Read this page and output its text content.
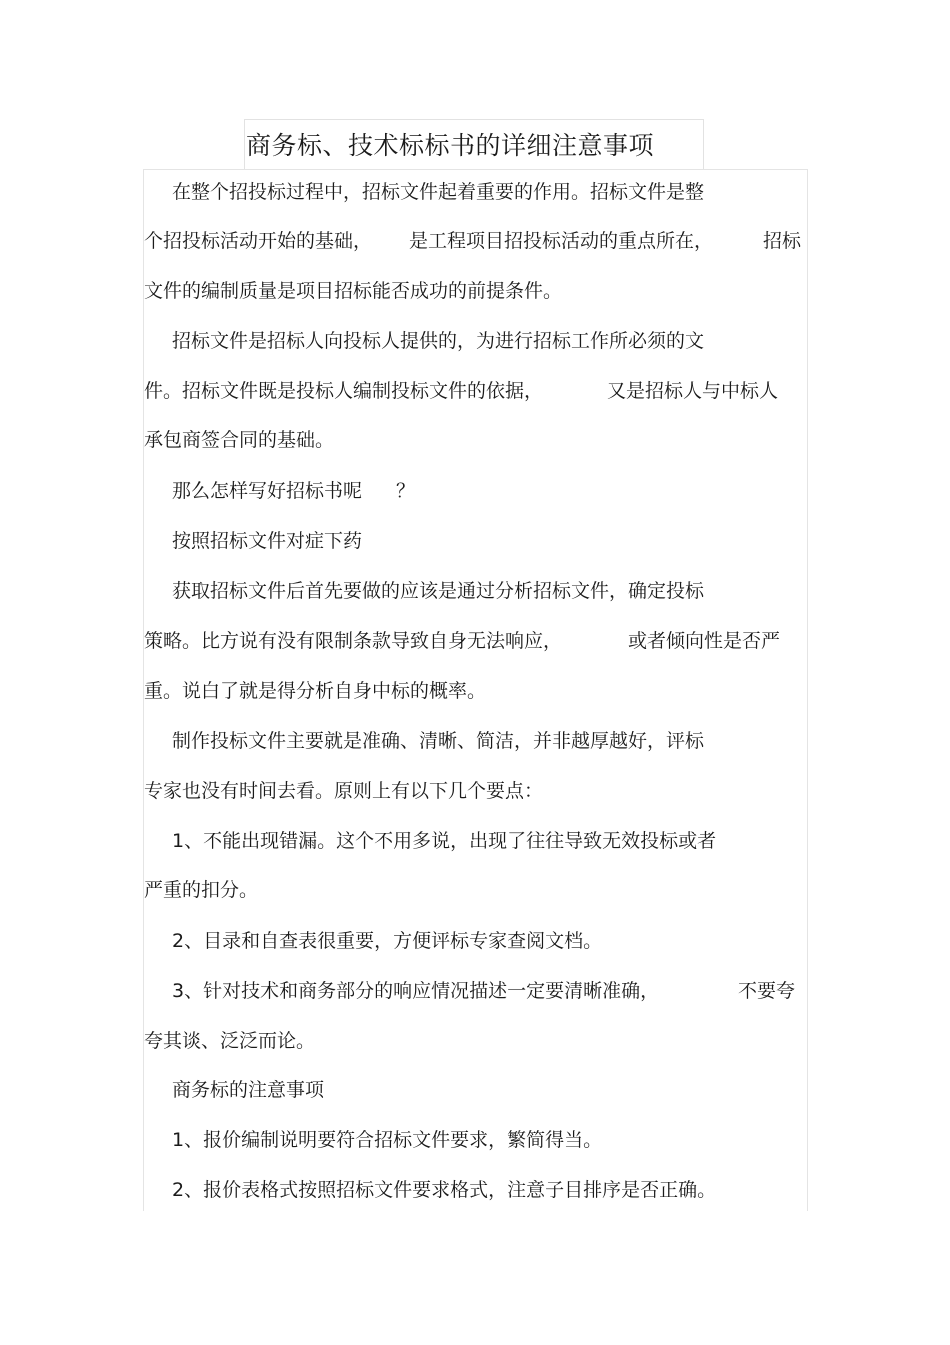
商务标、技术标标书的详细注意事项

在整个招投标过程中，招标文件起着重要的作用。招标文件是整

个招投标活动开始的基础， 是工程项目招投标活动的重点所在，	招标

文件的编制质量是项目招标能否成功的前提条件。

招标文件是招标人向投标人提供的，为进行招标工作所必须的文

件。招标文件既是投标人编制投标文件的依据，	又是招标人与中标人

承包商签合同的基础。

那么怎样写好招标书呢 ？

按照招标文件对症下药

获取招标文件后首先要做的应该是通过分析招标文件，确定投标

策略。比方说有没有限制条款导致自身无法响应，	或者倾向性是否严

重。说白了就是得分析自身中标的概率。

制作投标文件主要就是准确、清晰、简洁，并非越厚越好，评标

专家也没有时间去看。原则上有以下几个要点：

1、不能出现错漏。这个不用多说，出现了往往导致无效投标或者

严重的扣分。

2、目录和自查表很重要，方便评标专家查阅文档。

3、针对技术和商务部分的响应情况描述一定要清晰准确，	不要夸

夸其谈、泛泛而论。

商务标的注意事项

1、报价编制说明要符合招标文件要求，繁简得当。

2、报价表格式按照招标文件要求格式，注意子目排序是否正确。
